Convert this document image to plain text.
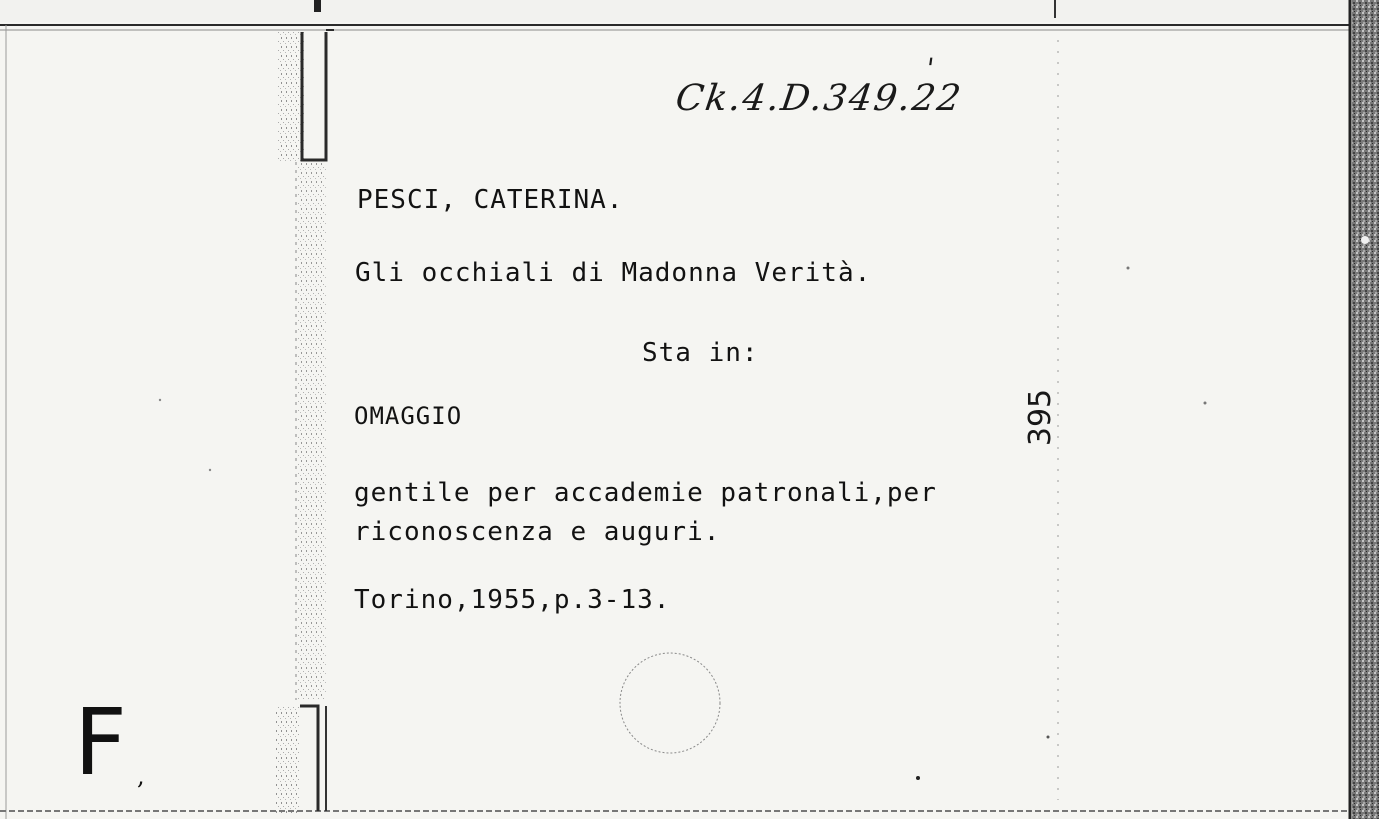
Ck.4.D.349.22
'

PESCI, CATERINA.

Gli occhiali di Madonna Verità.

Sta in:

OMAGGIO

gentile per accademie patronali,per

riconoscenza e auguri.

Torino,1955,p.3-13.

395
F ,
